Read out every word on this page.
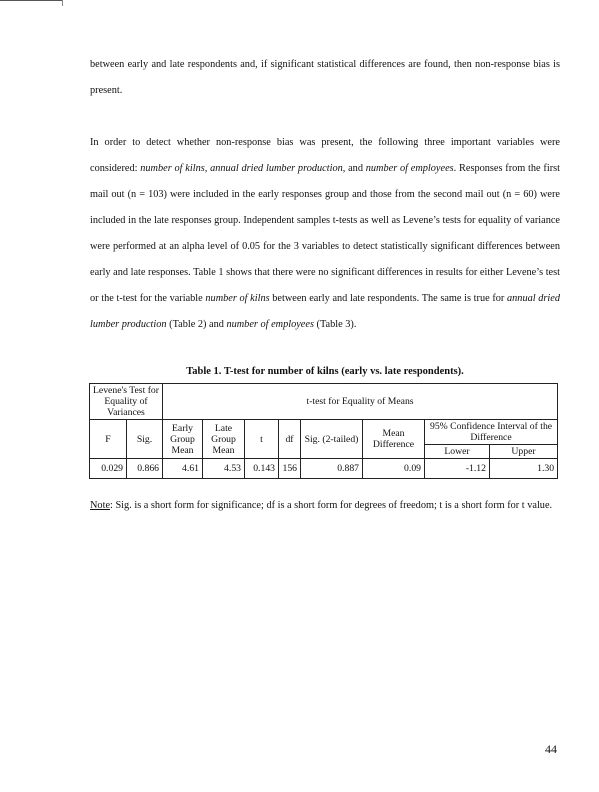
between early and late respondents and, if significant statistical differences are found, then non-response bias is present.

In order to detect whether non-response bias was present, the following three important variables were considered: number of kilns, annual dried lumber production, and number of employees. Responses from the first mail out (n = 103) were included in the early responses group and those from the second mail out (n = 60) were included in the late responses group. Independent samples t-tests as well as Levene’s tests for equality of variance were performed at an alpha level of 0.05 for the 3 variables to detect statistically significant differences between early and late responses. Table 1 shows that there were no significant differences in results for either Levene’s test or the t-test for the variable number of kilns between early and late respondents. The same is true for annual dried lumber production (Table 2) and number of employees (Table 3).

Table 1. T-test for number of kilns (early vs. late respondents).
Levene's Test for Equality of Variances		t-test for Equality of Means							
F	Sig.	Early Group Mean	Late Group Mean	t	df	Sig. (2-tailed)	Mean Difference	95% Confidence Interval of the Difference	
								Lower	Upper
0.029	0.866	4.61	4.53	0.143	156	0.887	0.09	-1.12	1.30

Note: Sig. is a short form for significance; df is a short form for degrees of freedom; t is a short form for t value.

44
